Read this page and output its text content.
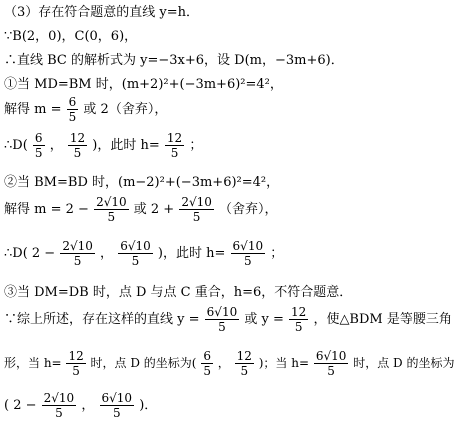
（3）存在符合题意的直线 y=h．
∵B(2，0)，C(0，6)，
∴直线 BC 的解析式为 y=−3x+6，设 D(m，−3m+6)．
①当 MD=BM 时，(m+2)²+(−3m+6)²=4²，
解得 $m = \frac{6}{5}$ 或 2（舍弃），
∴D( $\frac{6}{5}$ ， $\frac{12}{5}$ )，此时 $h= \frac{12}{5}$ ；
②当 BM=BD 时，(m−2)²+(−3m+6)²=4²，
解得 $m = 2 - \frac{2√10}{5}$ 或 $2 + \frac{2√10}{5}$ （舍弃），
∴D( $2 - \frac{2√10}{5}$ ， $\frac{6√10}{5}$ )，此时 $h= \frac{6√10}{5}$ ；
③当 DM=DB 时，点 D 与点 C 重合，h=6，不符合题意．
∵综上所述，存在这样的直线 $y = \frac{6√10}{5}$ 或 $y = \frac{12}{5}$ ，使△BDM 是等腰三角
形，当 $h= \frac{12}{5}$ 时，点 D 的坐标为( $\frac{6}{5}$ ， $\frac{12}{5}$ )；当 $h= \frac{6√10}{5}$ 时，点 D 的坐标为
( $2 - \frac{2√10}{5}$ ， $\frac{6√10}{5}$ )．
